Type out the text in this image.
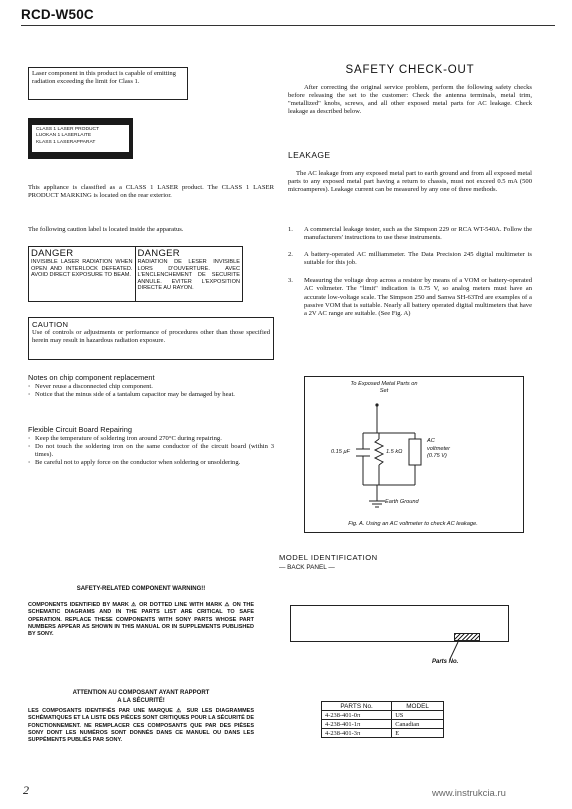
RCD-W50C
Laser component in this product is capable of emitting radiation exceeding the limit for Class 1.
CLASS 1 LASER PRODUCT
LUOKAN 1 LASERLAITE
KLASS 1 LASERAPPARAT
This appliance is classified as a CLASS 1 LASER product. The CLASS 1 LASER PRODUCT MARKING is located on the rear exterior.
The following caution label is located inside the apparatus.
DANGER
INVISIBLE LASER RADIATION WHEN OPEN AND INTERLOCK DEFEATED. AVOID DIRECT EXPOSURE TO BEAM.
DANGER
RADIATION DE LESER INVISIBLE LORS D'OUVERTURE. AVEC L'ENCLENCHEMENT DE SECURITE ANNULE. EVITER L'EXPOSITION DIRECTE AU RAYON.
CAUTION
Use of controls or adjustments or performance of procedures other than those specified herein may result in hazardous radiation exposure.
Notes on chip component replacement
· Never reuse a disconnected chip component.
· Notice that the minus side of a tantalum capacitor may be damaged by heat.
Flexible Circuit Board Repairing
· Keep the temperature of soldering iron around 270°C during repairing.
· Do not touch the soldering iron on the same conductor of the circuit board (within 3 times).
· Be careful not to apply force on the conductor when soldering or unsoldering.
SAFETY-RELATED COMPONENT WARNING!!
COMPONENTS IDENTIFIED BY MARK ⚠ OR DOTTED LINE WITH MARK ⚠ ON THE SCHEMATIC DIAGRAMS AND IN THE PARTS LIST ARE CRITICAL TO SAFE OPERATION. REPLACE THESE COMPONENTS WITH SONY PARTS WHOSE PART NUMBERS APPEAR AS SHOWN IN THIS MANUAL OR IN SUPPLEMENTS PUBLISHED BY SONY.
ATTENTION AU COMPOSANT AYANT RAPPORT
A LA SÉCURITÉ!
LES COMPOSANTS IDENTIFIÉS PAR UNE MARQUE ⚠ SUR LES DIAGRAMMES SCHÉMATIQUES ET LA LISTE DES PIÈCES SONT CRITIQUES POUR LA SÉCURITÉ DE FONCTIONNEMENT. NE REMPLACER CES COMPOSANTS QUE PAR DES PIÈSES SONY DONT LES NUMÉROS SONT DONNÉS DANS CE MANUEL OU DANS LES SUPPÉMENTS PUBLIÉS PAR SONY.
2
SAFETY CHECK-OUT
After correcting the original service problem, perform the following safety checks before releasing the set to the customer: Check the antenna terminals, metal trim, "metallized" knobs, screws, and all other exposed metal parts for AC leakage. Check leakage as described below.
LEAKAGE
The AC leakage from any exposed metal part to earth ground and from all exposed metal parts to any exposed metal part having a return to chassis, must not exceed 0.5 mA (500 microamperes). Leakage current can be measured by any one of three methods.
1. A commercial leakage tester, such as the Simpson 229 or RCA WT-540A. Follow the manufacturers' instructions to use these instruments.
2. A battery-operated AC milliammeter. The Data Precision 245 digital multimeter is suitable for this job.
3. Measuring the voltage drop across a resistor by means of a VOM or battery-operated AC voltmeter. The "limit" indication is 0.75 V, so analog meters must have an accurate low-voltage scale. The Simpson 250 and Sanwa SH-63Trd are examples of a passive VOM that is suitable. Nearly all battery operated digital multimeters that have a 2V AC range are suitable. (See Fig. A)
To Exposed Metal Parts on Set
0.15 μF	1.5 kΩ
AC voltmeter (0.75 V)
Earth Ground
Fig. A. Using an AC voltmeter to check AC leakage.
MODEL IDENTIFICATION
— BACK PANEL —
Parts No.
PARTS No.	MODEL
4-238-401-0π	US
4-238-401-1π	Canadian
4-238-401-3π	E
www.instrukcia.ru
